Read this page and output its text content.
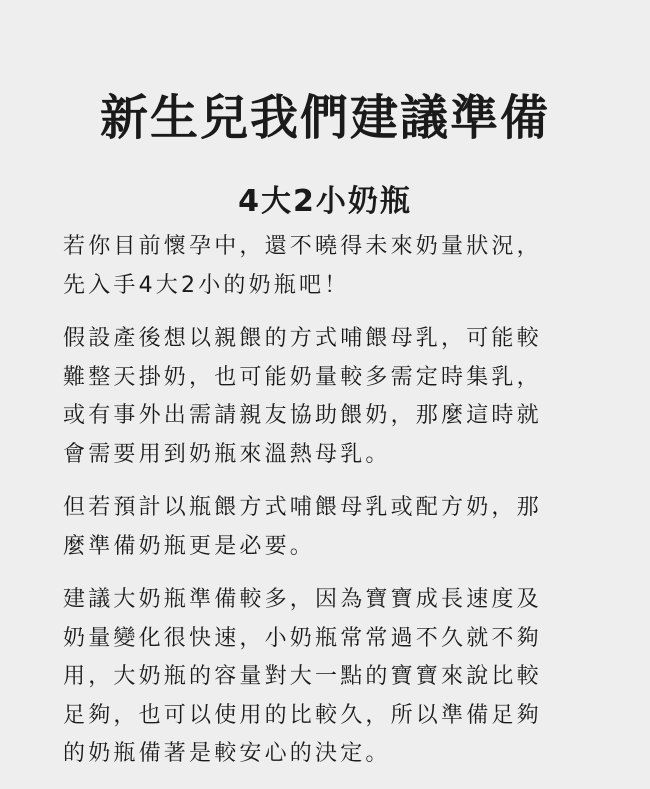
新生兒我們建議準備
4大2小奶瓶

若你目前懷孕中，還不曉得未來奶量狀況，
先入手4大2小的奶瓶吧！

假設產後想以親餵的方式哺餵母乳，可能較
難整天掛奶，也可能奶量較多需定時集乳，
或有事外出需請親友協助餵奶，那麼這時就
會需要用到奶瓶來溫熱母乳。

但若預計以瓶餵方式哺餵母乳或配方奶，那
麼準備奶瓶更是必要。

建議大奶瓶準備較多，因為寶寶成長速度及
奶量變化很快速，小奶瓶常常過不久就不夠
用，大奶瓶的容量對大一點的寶寶來說比較
足夠，也可以使用的比較久，所以準備足夠
的奶瓶備著是較安心的決定。
